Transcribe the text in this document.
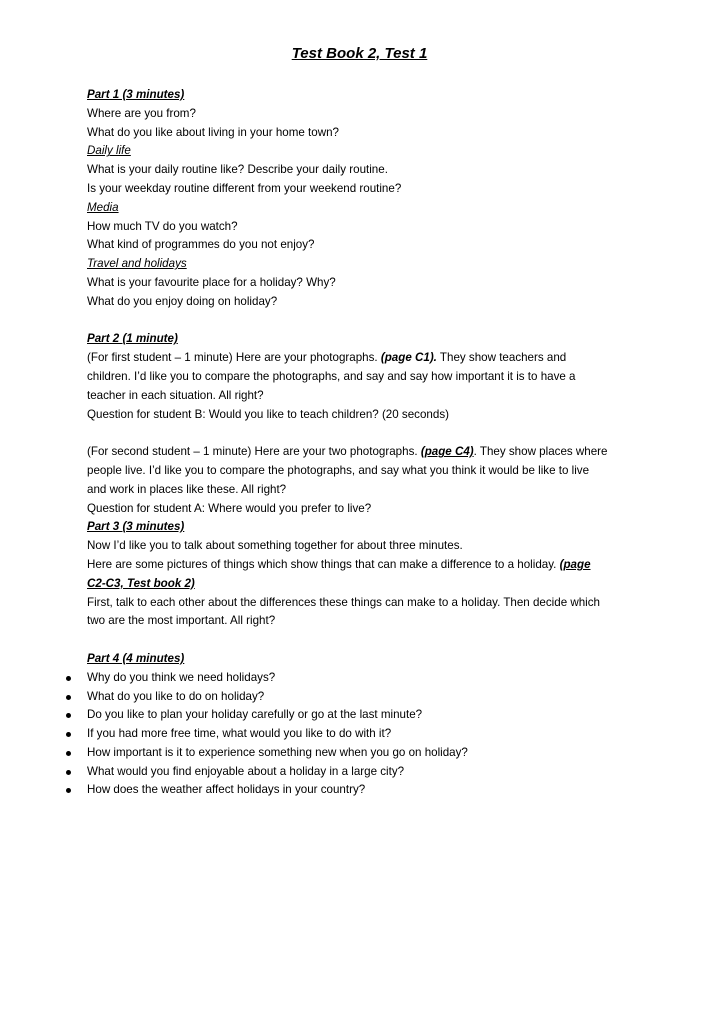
Test Book 2, Test 1
Part 1 (3 minutes)
Where are you from?
What do you like about living in your home town?
Daily life
What is your daily routine like? Describe your daily routine.
Is your weekday routine different from your weekend routine?
Media
How much TV do you watch?
What kind of programmes do you not enjoy?
Travel and holidays
What is your favourite place for a holiday? Why?
What do you enjoy doing on holiday?
Part 2 (1 minute)
(For first student – 1 minute) Here are your photographs. (page C1). They show teachers and
children. I’d like you to compare the photographs, and say and say how important it is to have a
teacher in each situation. All right?
Question for student B: Would you like to teach children? (20 seconds)
(For second student – 1 minute) Here are your two photographs. (page C4). They show places where
people live. I’d like you to compare the photographs, and say what you think it would be like to live
and work in places like these. All right?
Question for student A: Where would you prefer to live?
Part 3 (3 minutes)
Now I’d like you to talk about something together for about three minutes.
Here are some pictures of things which show things that can make a difference to a holiday. (page
C2-C3, Test book 2)
First, talk to each other about the differences these things can make to a holiday. Then decide which
two are the most important. All right?
Part 4 (4 minutes)
Why do you think we need holidays?
What do you like to do on holiday?
Do you like to plan your holiday carefully or go at the last minute?
If you had more free time, what would you like to do with it?
How important is it to experience something new when you go on holiday?
What would you find enjoyable about a holiday in a large city?
How does the weather affect holidays in your country?
